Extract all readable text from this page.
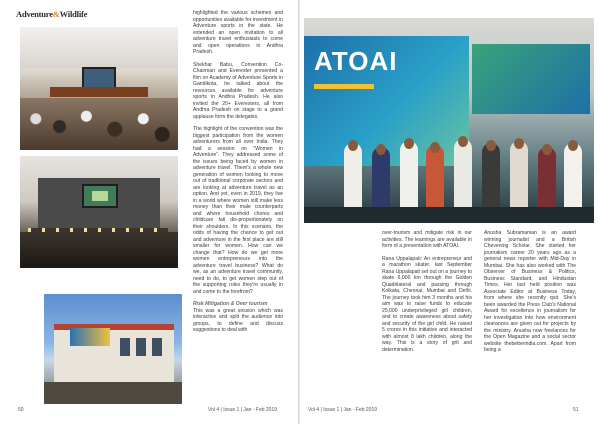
Adventure&Wildlife	highlighted the various schemes and opportunities available for investment in Adventure sports in the state. He extended an open invitation to all adventure travel enthusiasts to come and open operations in Andhra Pradesh.

Shekhar Babu, Convention Co-Chairman and Everester presented a film on Academy of Adventure Sports in Gandikota, he talked about the resources available for adventure sports in Andhra Pradesh. He also invited the 20+ Everesters, all from Andhra Pradesh on stage to a grand applause form the delegates.

The highlight of the convention was the biggest participation from the women adventurers from all over India. They had a session on "Women in Adventure". They addressed some of the issues being faced by women in adventure travel. There's a whole new generation of women looking to move out of traditional corporate sectors and are looking at adventure travel as an option. And yet, even in 2019, they live in a world where women still make less money than their male counterparts and where household chores and childcare fall dis-proportionately on their shoulders. In this scenario, the odds of having the chance to get out and adventure in the first place are still smaller for women. How can we change that? How do we get more women entrepreneurs into the adventure travel business? What do we, as an adventure travel community, need to do, to get women step out of the supporting roles they're usually in and come to the forefront?

Risk Mitigation & Over tourism

This was a great session which was interactive and split the audience into groups, to define and discuss suggestions to deal with

50	Vol 4 | Issue 1 | Jan - Feb 2019
ATOAI

over-tourism and mitigate risk in our activities. The learnings are available in form of a presentation with ATOAI.

Rana Uppalapati: An entrepreneur and a marathon skater, last September Rana Uppalapati set out on a journey to skate 6,000 km through the Golden Quadrilateral and passing through Kolkata, Chennai, Mumbai and Delhi. The journey took him 3 months and his aim was to raise funds to educate 25,000 underprivileged girl children, and to create awareness about safety and security of the girl child. He raised 5 crores in this initiative and interacted with almost 8 lakh children, along the way. This is a story of grit and determination.

Anusha Subramanian is an award winning journalist and a British Chevening Scholar. She started her journalism career 20 years ago as a general news reporter with Mid-Day in Mumbai. She has also worked with The Observer of Business & Politics, Business Standard, and Hindustan Times. Her last held position was Associate Editor at Business Today, from where she recently quit. She's been awarded the Press Club's National Award for excellence in journalism for her investigation into how environment clearances are given out for projects by the ministry. Anusha now freelances for the Open Magazine and a social sector website thebetterindia.com. Apart from being a

Vol 4 | Issue 1 | Jan - Feb 2019	51
